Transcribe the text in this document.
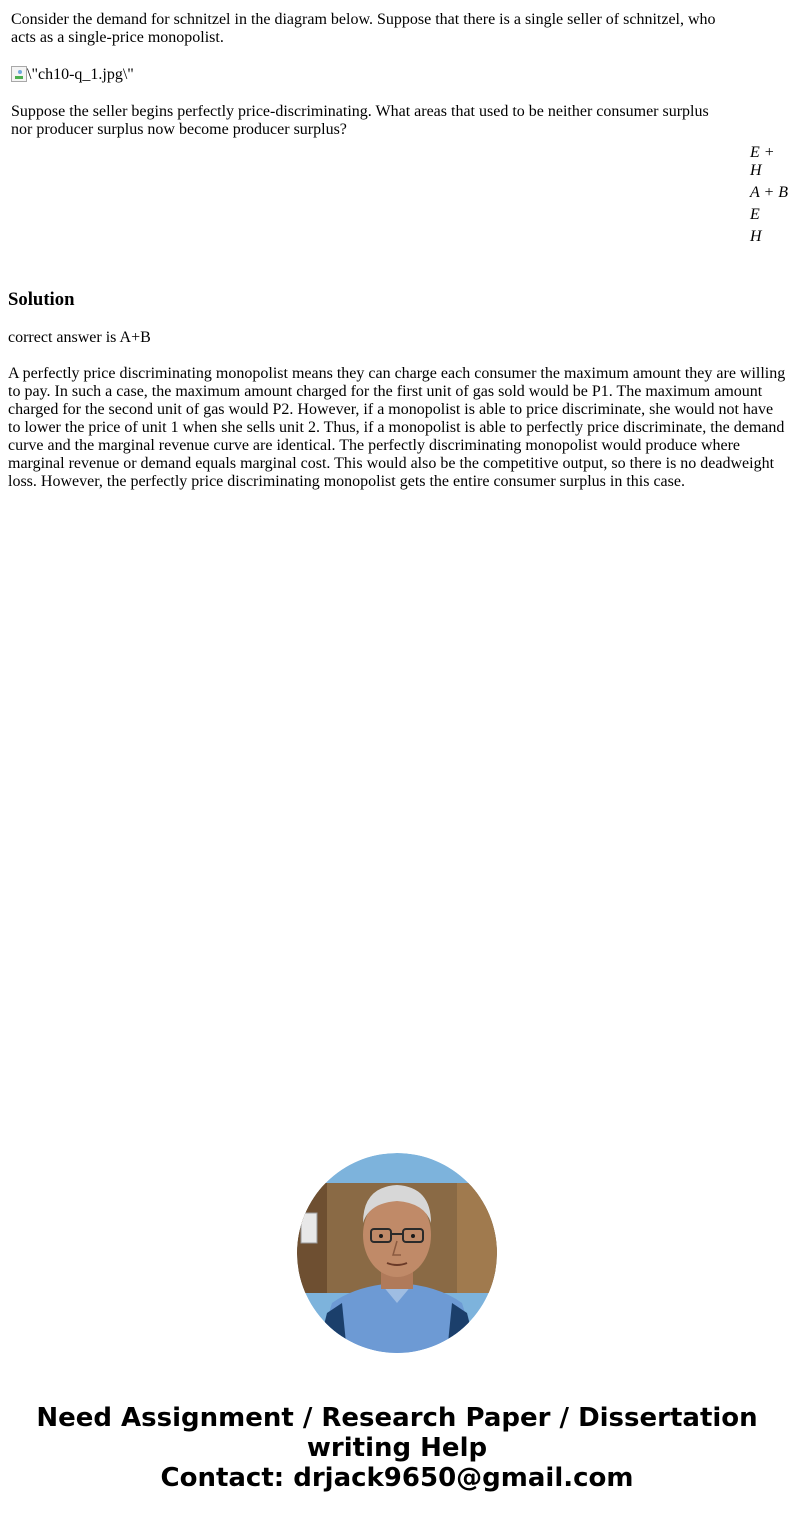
Consider the demand for schnitzel in the diagram below. Suppose that there is a single seller of schnitzel, who acts as a single-price monopolist.

\"ch10-q_1.jpg\"

Suppose the seller begins perfectly price-discriminating. What areas that used to be neither consumer surplus nor producer surplus now become producer surplus?

E + H
A + B
E
H
Solution

correct answer is A+B

A perfectly price discriminating monopolist means they can charge each consumer the maximum amount they are willing to pay. In such a case, the maximum amount charged for the first unit of gas sold would be P1. The maximum amount charged for the second unit of gas would P2. However, if a monopolist is able to price discriminate, she would not have to lower the price of unit 1 when she sells unit 2. Thus, if a monopolist is able to perfectly price discriminate, the demand curve and the marginal revenue curve are identical. The perfectly discriminating monopolist would produce where marginal revenue or demand equals marginal cost. This would also be the competitive output, so there is no deadweight loss. However, the perfectly price discriminating monopolist gets the entire consumer surplus in this case.

Need Assignment / Research Paper / Dissertation writing Help
Contact: drjack9650@gmail.com
